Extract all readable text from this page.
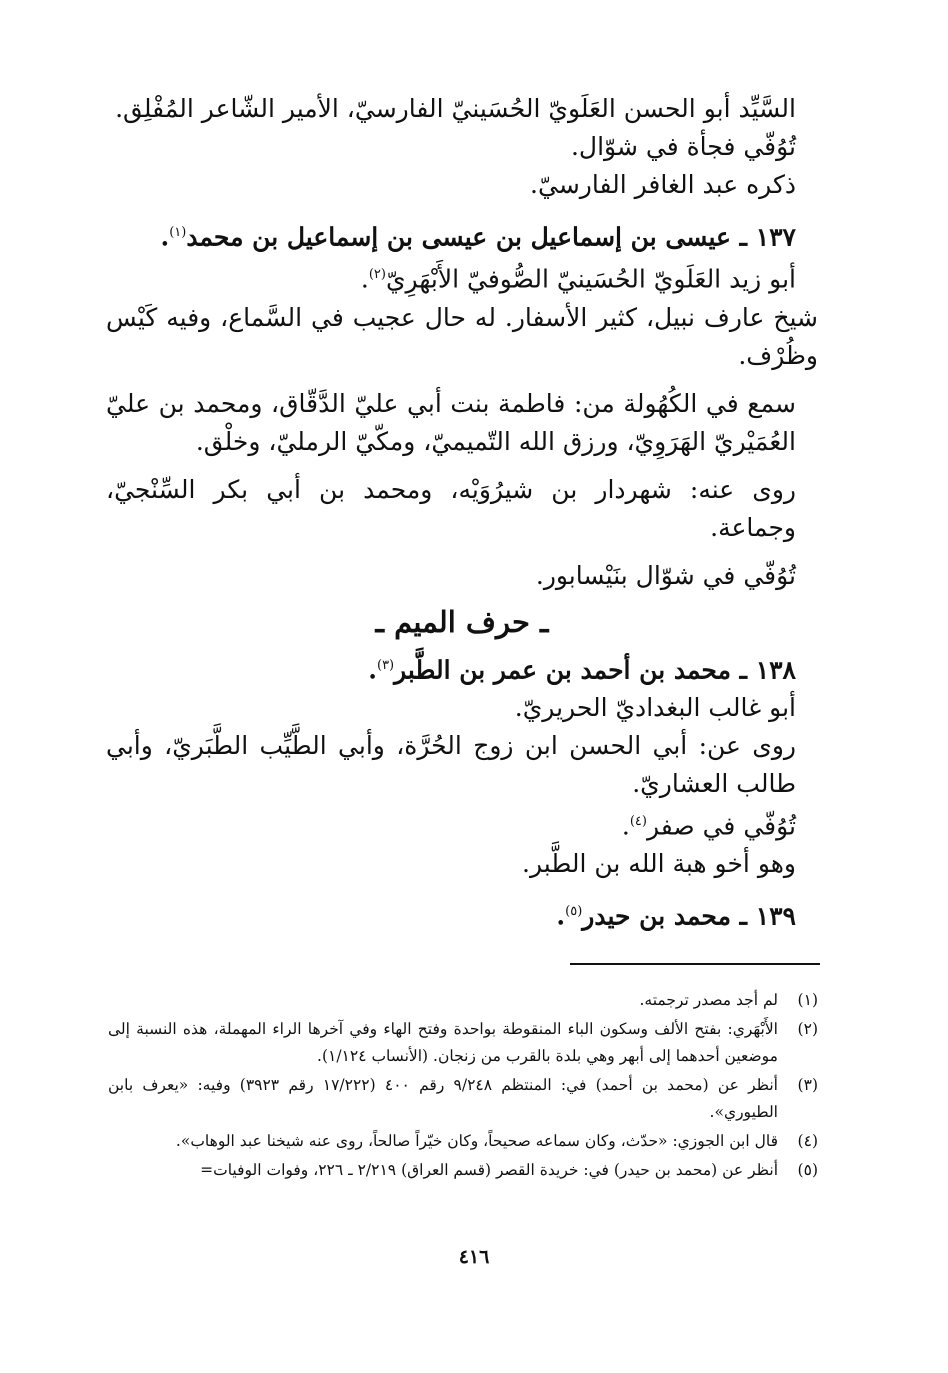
السَّيِّد أبو الحسن العَلَويّ الحُسَينيّ الفارسيّ، الأمير الشّاعر المُفْلِق.

تُوُفّي فجأة في شوّال.

ذكره عبد الغافر الفارسيّ.

١٣٧ ـ عيسى بن إسماعيل بن عيسى بن إسماعيل بن محمد$^{(١)}$.

أبو زيد العَلَويّ الحُسَينيّ الصُّوفيّ الأَبْهَرِيّ$^{(٢)}$.

شيخ عارف نبيل، كثير الأسفار. له حال عجيب في السَّماع، وفيه كَيْس وظُرْف.

سمع في الكُهُولة من: فاطمة بنت أبي عليّ الدَّقّاق، ومحمد بن عليّ العُمَيْريّ الهَرَوِيّ، ورزق الله التّميميّ، ومكّيّ الرمليّ، وخلْق.

روى عنه: شهردار بن شيرُوَيْه، ومحمد بن أبي بكر السِّنْجيّ، وجماعة.

تُوُفّي في شوّال بنَيْسابور.

ـ حرف الميم ـ

١٣٨ ـ محمد بن أحمد بن عمر بن الطَّبر$^{(٣)}$.

أبو غالب البغداديّ الحريريّ.

روى عن: أبي الحسن ابن زوج الحُرَّة، وأبي الطَّيِّب الطَّبَريّ، وأبي طالب العشاريّ.

تُوُفّي في صفر$^{(٤)}$.

وهو أخو هبة الله بن الطَّبر.

١٣٩ ـ محمد بن حيدر$^{(٥)}$.

(١)
لم أجد مصدر ترجمته.
(٢)
الأَبْهَري: بفتح الألف وسكون الباء المنقوطة بواحدة وفتح الهاء وفي آخرها الراء المهملة، هذه النسبة إلى موضعين أحدهما إلى أبهر وهي بلدة بالقرب من زنجان. (الأنساب ١/١٢٤).
(٣)
أنظر عن (محمد بن أحمد) في: المنتظم ٩/٢٤٨ رقم ٤٠٠ (١٧/٢٢٢ رقم ٣٩٢٣) وفيه: «يعرف بابن الطيوري».
(٤)
قال ابن الجوزي: «حدّث، وكان سماعه صحيحاً، وكان خيّراً صالحاً، روى عنه شيخنا عبد الوهاب».
(٥)
أنظر عن (محمد بن حيدر) في: خريدة القصر (قسم العراق) ٢/٢١٩ ـ ٢٢٦، وفوات الوفيات=
٤١٦
